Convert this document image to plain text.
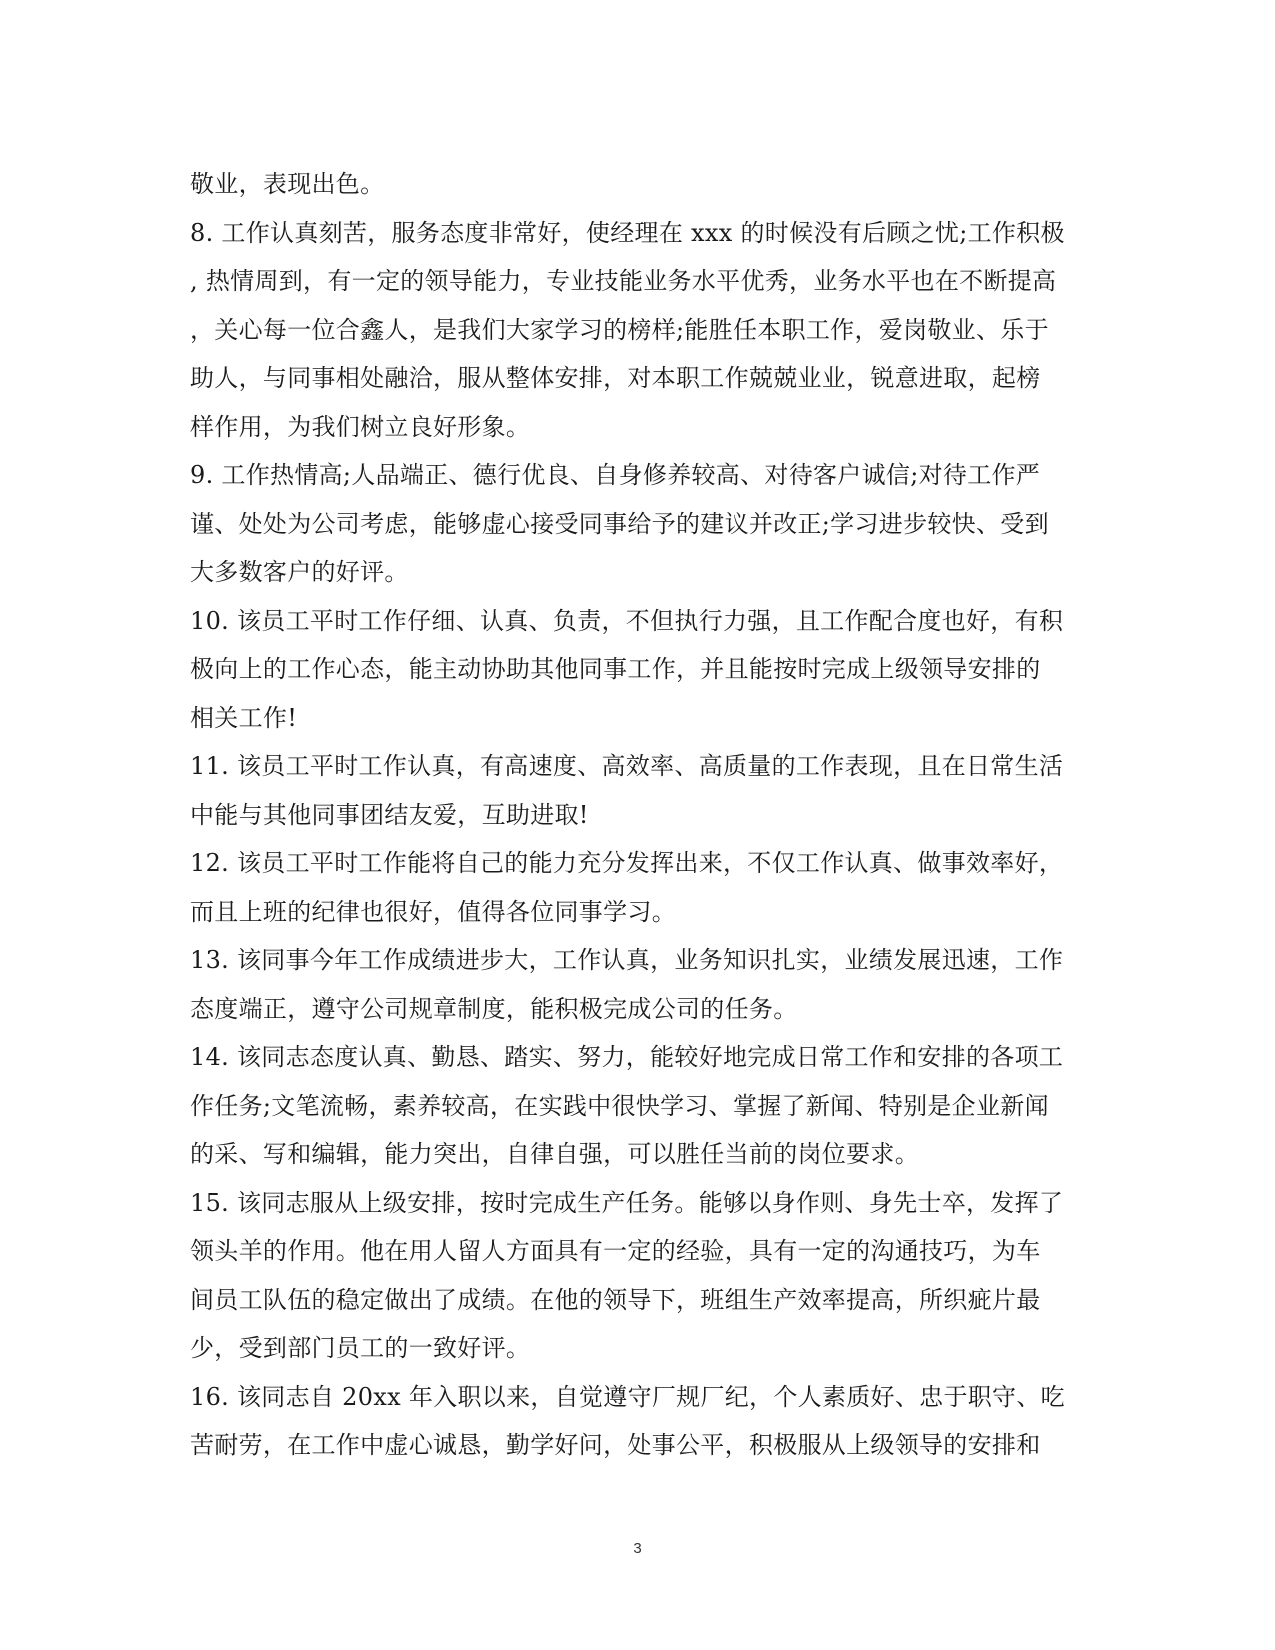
敬业，表现出色。
8. 工作认真刻苦，服务态度非常好，使经理在 xxx 的时候没有后顾之忧;工作积极
, 热情周到，有一定的领导能力，专业技能业务水平优秀，业务水平也在不断提高
，关心每一位合鑫人，是我们大家学习的榜样;能胜任本职工作，爱岗敬业、乐于
助人，与同事相处融洽，服从整体安排，对本职工作兢兢业业，锐意进取，起榜
样作用，为我们树立良好形象。
9. 工作热情高;人品端正、德行优良、自身修养较高、对待客户诚信;对待工作严
谨、处处为公司考虑，能够虚心接受同事给予的建议并改正;学习进步较快、受到
大多数客户的好评。
10. 该员工平时工作仔细、认真、负责，不但执行力强，且工作配合度也好，有积
极向上的工作心态，能主动协助其他同事工作，并且能按时完成上级领导安排的
相关工作!
11. 该员工平时工作认真，有高速度、高效率、高质量的工作表现，且在日常生活
中能与其他同事团结友爱，互助进取!
12. 该员工平时工作能将自己的能力充分发挥出来，不仅工作认真、做事效率好，
而且上班的纪律也很好，值得各位同事学习。
13. 该同事今年工作成绩进步大，工作认真，业务知识扎实，业绩发展迅速，工作
态度端正，遵守公司规章制度，能积极完成公司的任务。
14. 该同志态度认真、勤恳、踏实、努力，能较好地完成日常工作和安排的各项工
作任务;文笔流畅，素养较高，在实践中很快学习、掌握了新闻、特别是企业新闻
的采、写和编辑，能力突出，自律自强，可以胜任当前的岗位要求。
15. 该同志服从上级安排，按时完成生产任务。能够以身作则、身先士卒，发挥了
领头羊的作用。他在用人留人方面具有一定的经验，具有一定的沟通技巧，为车
间员工队伍的稳定做出了成绩。在他的领导下，班组生产效率提高，所织疵片最
少，受到部门员工的一致好评。
16. 该同志自 20xx 年入职以来，自觉遵守厂规厂纪，个人素质好、忠于职守、吃
苦耐劳，在工作中虚心诚恳，勤学好问，处事公平，积极服从上级领导的安排和
3
